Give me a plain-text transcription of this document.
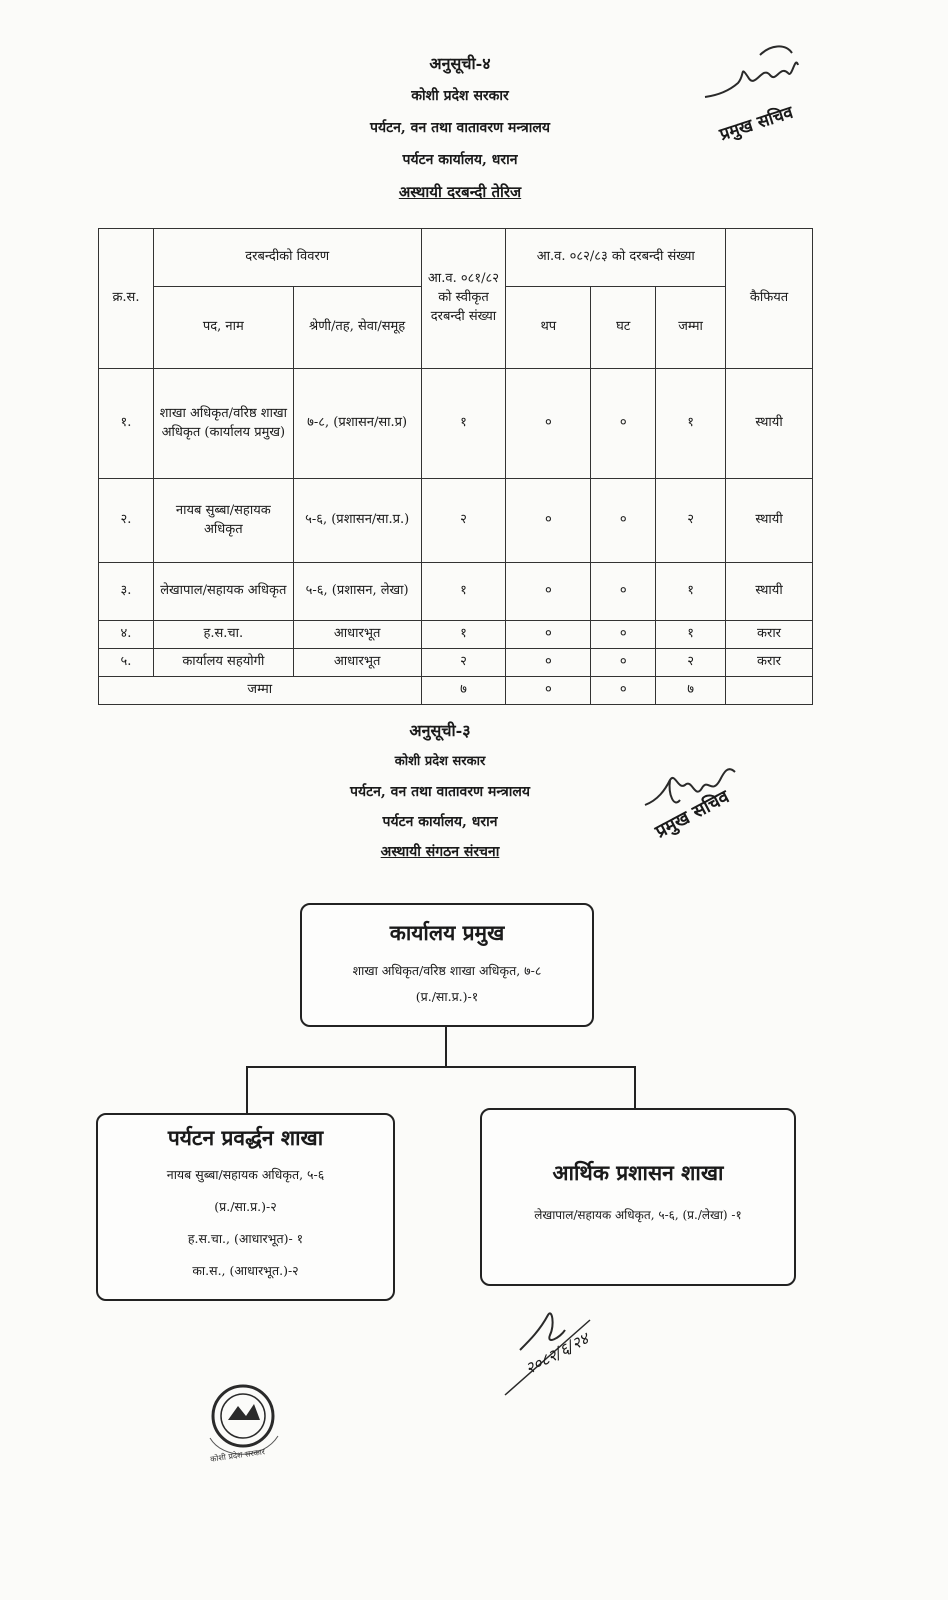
अनुसूची-४
कोशी प्रदेश सरकार
पर्यटन, वन तथा वातावरण मन्त्रालय
पर्यटन कार्यालय, धरान
अस्थायी दरबन्दी तेरिज
प्रमुख सचिव
क्र.स.	दरबन्दीको विवरण		आ.व. ०८१/८२ को स्वीकृत दरबन्दी संख्या	आ.व. ०८२/८३ को दरबन्दी संख्या			कैफियत
	पद, नाम	श्रेणी/तह, सेवा/समूह		थप	घट	जम्मा	
१.	शाखा अधिकृत/वरिष्ठ शाखा अधिकृत (कार्यालय प्रमुख)	७-८, (प्रशासन/सा.प्र)	१	०	०	१	स्थायी
२.	नायब सुब्बा/सहायक अधिकृत	५-६, (प्रशासन/सा.प्र.)	२	०	०	२	स्थायी
३.	लेखापाल/सहायक अधिकृत	५-६, (प्रशासन, लेखा)	१	०	०	१	स्थायी
४.	ह.स.चा.	आधारभूत	१	०	०	१	करार
५.	कार्यालय सहयोगी	आधारभूत	२	०	०	२	करार
जम्मा			७	०	०	७	
अनुसूची-३
कोशी प्रदेश सरकार
पर्यटन, वन तथा वातावरण मन्त्रालय
पर्यटन कार्यालय, धरान
अस्थायी संगठन संरचना
प्रमुख सचिव
कार्यालय प्रमुख
शाखा अधिकृत/वरिष्ठ शाखा अधिकृत, ७-८
(प्र./सा.प्र.)-१
पर्यटन प्रवर्द्धन शाखा
नायब सुब्बा/सहायक अधिकृत, ५-६
(प्र./सा.प्र.)-२
ह.स.चा., (आधारभूत)- १
का.स., (आधारभूत.)-२
आर्थिक प्रशासन शाखा
लेखापाल/सहायक अधिकृत, ५-६, (प्र./लेखा) -१
२०८२/६/२४
कोशी प्रदेश सरकार
